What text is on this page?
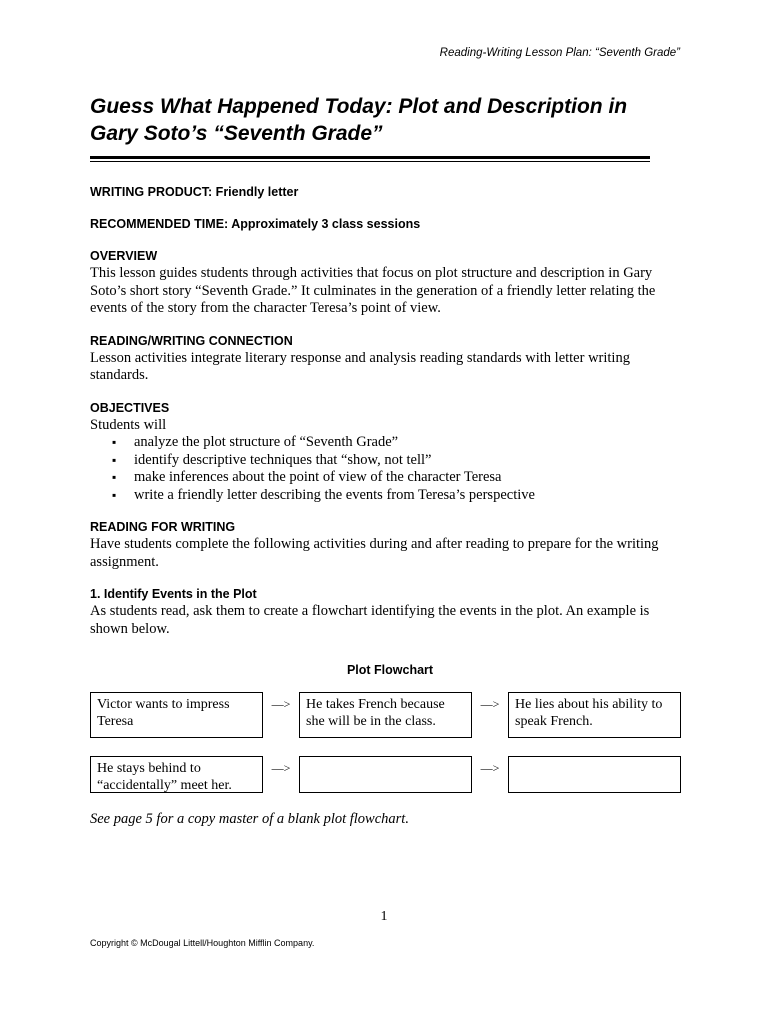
Reading-Writing Lesson Plan: “Seventh Grade”
Guess What Happened Today: Plot and Description in
Gary Soto’s “Seventh Grade”
WRITING PRODUCT: Friendly letter
RECOMMENDED TIME: Approximately 3 class sessions
OVERVIEW

This lesson guides students through activities that focus on plot structure and description in Gary Soto’s short story “Seventh Grade.” It culminates in the generation of a friendly letter relating the events of the story from the character Teresa’s point of view.

READING/WRITING CONNECTION

Lesson activities integrate literary response and analysis reading standards with letter writing standards.

OBJECTIVES

Students will

▪ analyze the plot structure of “Seventh Grade”
▪ identify descriptive techniques that “show, not tell”
▪ make inferences about the point of view of the character Teresa
▪ write a friendly letter describing the events from Teresa’s perspective
READING FOR WRITING

Have students complete the following activities during and after reading to prepare for the writing assignment.

1. Identify Events in the Plot

As students read, ask them to create a flowchart identifying the events in the plot. An example is shown below.

Plot Flowchart
Victor wants to impress Teresa
—>	He takes French because she will be in the class.
—>	He lies about his ability to speak French.
He stays behind to “accidentally” meet her.
—>	—>
See page 5 for a copy master of a blank plot flowchart.
1
Copyright © McDougal Littell/Houghton Mifflin Company.
